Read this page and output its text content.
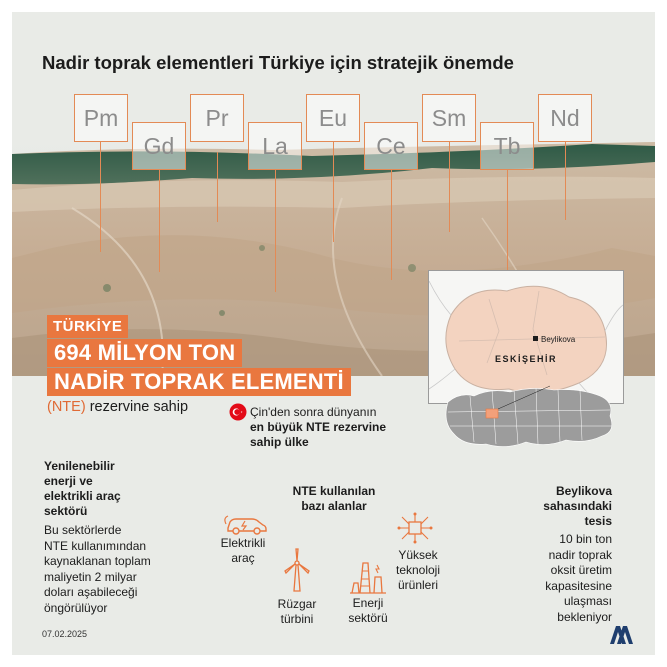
Pm
Gd
Pr
La
Eu
Ce
Sm
Tb
Nd
Nadir toprak elementleri Türkiye için stratejik önemde
TÜRKİYE
694 MİLYON TON
NADİR TOPRAK ELEMENTİ
(NTE) rezervine sahip
Beylikova
ESKİŞEHİR
Çin'den sonra dünyanın
en büyük NTE rezervine
sahip ülke
Yenilenebilir
enerji ve
elektrikli araç
sektörü
Bu sektörlerde
NTE kullanımından
kaynaklanan toplam
maliyetin 2 milyar
doları aşabileceği
öngörülüyor
NTE kullanılan
bazı alanlar
Elektrikli
araç
Rüzgar
türbini
Enerji
sektörü
Yüksek
teknoloji
ürünleri
Beylikova
sahasındaki
tesis
10 bin ton
nadir toprak
oksit üretim
kapasitesine
ulaşması
bekleniyor
07.02.2025
